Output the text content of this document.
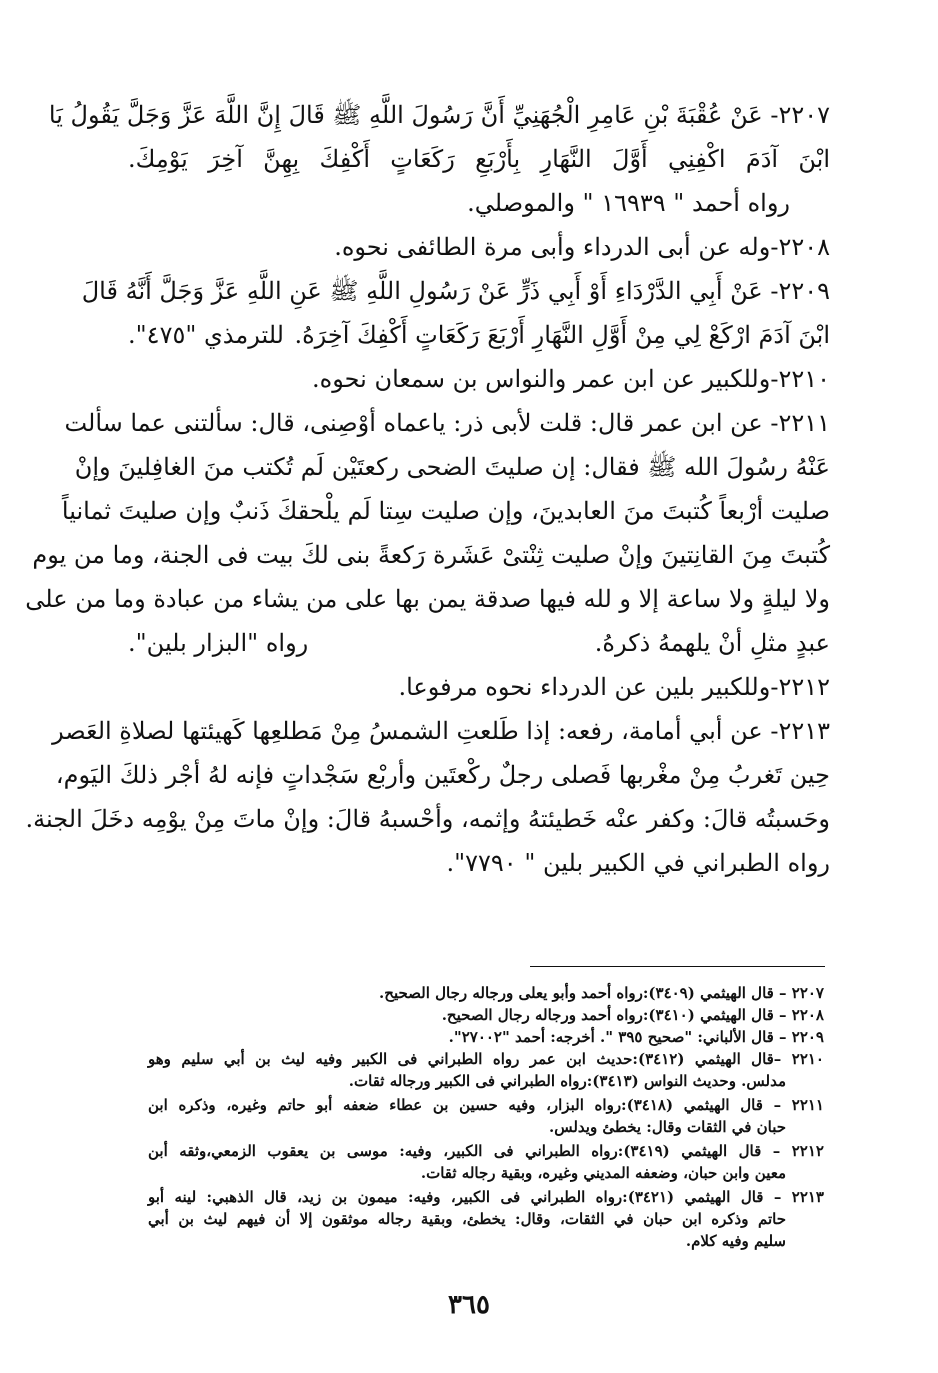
٢٢٠٧- عَنْ عُقْبَةَ بْنِ عَامِرِ الْجُهَنِيِّ أَنَّ رَسُولَ اللَّهِ ﷺ قَالَ إِنَّ اللَّهَ عَزَّ وَجَلَّ يَقُولُ يَا
ابْنَ آدَمَ اكْفِنِي أَوَّلَ النَّهَارِ بِأَرْبَعِ رَكَعَاتٍ أَكْفِكَ بِهِنَّ آخِرَ يَوْمِكَ.
رواه أحمد " ١٦٩٣٩ " والموصلي.
٢٢٠٨-وله عن أبى الدرداء وأبى مرة الطائفى نحوه.
٢٢٠٩- عَنْ أَبِي الدَّرْدَاءِ أَوْ أَبِي ذَرٍّ عَنْ رَسُولِ اللَّهِ ﷺ عَنِ اللَّهِ عَزَّ وَجَلَّ أَنَّهُ قَالَ
ابْنَ آدَمَ ارْكَعْ لِي مِنْ أَوَّلِ النَّهَارِ أَرْبَعَ رَكَعَاتٍ أَكْفِكَ آخِرَهُ.
للترمذي "٤٧٥".
٢٢١٠-وللكبير عن ابن عمر والنواس بن سمعان نحوه.
٢٢١١- عن ابن عمر قال: قلت لأبى ذر: ياعماه أوْصِنى، قال: سألتنى عما سألت
عَنْهُ رسُولَ الله ﷺ فقال: إن صليتَ الضحى ركعتَيْن لَم تُكتب منَ الغافِلينَ وإنْ
صليت أرْبعاً كُتبتَ منَ العابدينَ، وإن صليت سِتا لَم يلْحقكَ ذَنبٌ وإن صليتَ ثمانياً
كُتبتَ مِنَ القانِتينَ وإنْ صليت ثِنْتىْ عَشَرة رَكعةً بنى لكَ بيت فى الجنة، وما من يوم
ولا ليلةٍ ولا ساعة إلا و لله فيها صدقة يمن بها على من يشاء من عبادة وما من على
عبدٍ مثلِ أنْ يلهمهُ ذكرهُ.
رواه "البزار بلين".
٢٢١٢-وللكبير بلين عن الدرداء نحوه مرفوعا.
٢٢١٣- عن أبي أمامة، رفعه: إذا طَلعتِ الشمسُ مِنْ مَطلعِها كَهيئتها لصلاةِ العَصر
حِين تَغربُ مِنْ مغْربها فَصلى رجلٌ ركْعتَين وأربْع سَجْداتٍ فإنه لهُ أجْر ذلكَ اليَوم،
وحَسبتُه قالَ: وكفر عنْه خَطيئتهُ وإثمه، وأحْسبهُ قالَ: وإنْ ماتَ مِنْ يوْمِه دخَلَ الجنة.
رواه الطبراني في الكبير بلين " ٧٧٩٠".
٢٢٠٧ – قال الهيثمي (٣٤٠٩):رواه أحمد وأبو يعلى ورجاله رجال الصحيح.
٢٢٠٨ – قال الهيثمي (٣٤١٠):رواه أحمد ورجاله رجال الصحيح.
٢٢٠٩ – قال الألباني: "صحيح ٣٩٥ ". أخرجه: أحمد "٢٧٠٠٢".
٢٢١٠ –قال الهيثمي (٣٤١٢):حديث ابن عمر رواه الطبراني فى الكبير وفيه ليث بن أبي سليم وهو
مدلس. وحديث النواس (٣٤١٣):رواه الطبراني فى الكبير ورجاله ثقات.
٢٢١١ – قال الهيثمي (٣٤١٨):رواه البزار، وفيه حسين بن عطاء ضعفه أبو حاتم وغيره، وذكره ابن
حبان في الثقات وقال: يخطئ ويدلس.
٢٢١٢ – قال الهيثمي (٣٤١٩):رواه الطبراني فى الكبير، وفيه: موسى بن يعقوب الزمعي،وثقه أبن
معين وابن حبان، وضعفه المديني وغيره، وبقية رجاله ثقات.
٢٢١٣ – قال الهيثمي (٣٤٢١):رواه الطبراني فى الكبير، وفيه: ميمون بن زيد، قال الذهبي: لينه أبو
حاتم وذكره ابن حبان في الثقات، وقال: يخطئ، وبقية رجاله موثقون إلا أن فيهم ليث بن أبي
سليم وفيه كلام.
٣٦٥
